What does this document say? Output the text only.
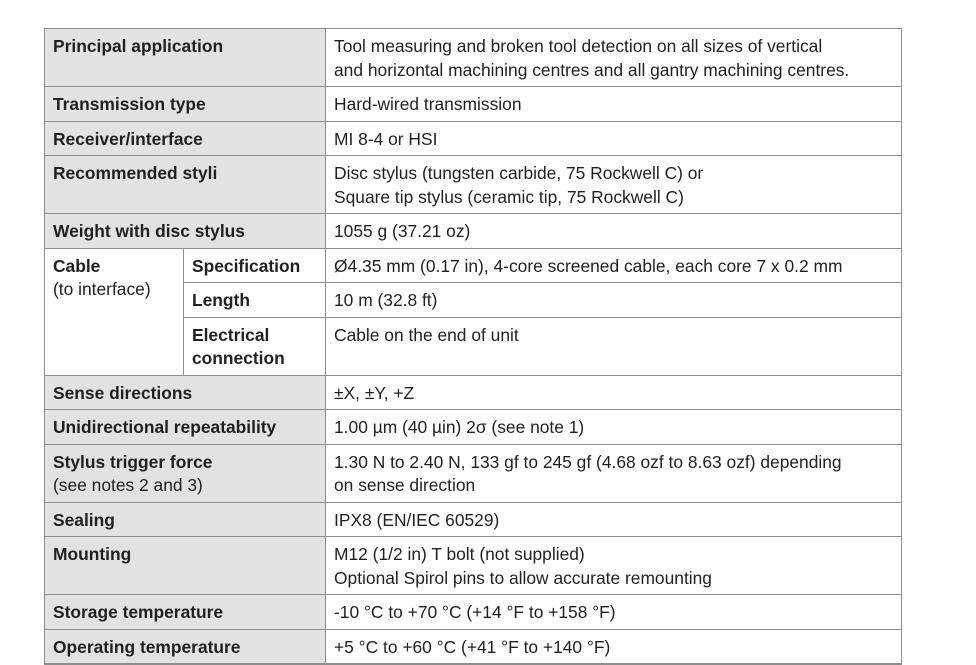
Principal application		Tool measuring and broken tool detection on all sizes of vertical
and horizontal machining centres and all gantry machining centres.

Transmission type		Hard-wired transmission
Receiver/interface		MI 8-4 or HSI
Recommended styli		Disc stylus (tungsten carbide, 75 Rockwell C) or
Square tip stylus (ceramic tip, 75 Rockwell C)

Weight with disc stylus		1055 g (37.21 oz)

Cable
(to interface)	Specification	Ø4.35 mm (0.17 in), 4-core screened cable, each core 7 x 0.2 mm
	Length	10 m (32.8 ft)

	Electrical
connection	Cable on the end of unit
Sense directions		±X, ±Y, +Z
Unidirectional repeatability		1.00 µm (40 µin) 2σ (see note 1)

Stylus trigger force
(see notes 2 and 3)		1.30 N to 2.40 N, 133 gf to 245 gf (4.68 ozf to 8.63 ozf) depending
on sense direction

Sealing		IPX8 (EN/IEC 60529)
Mounting		M12 (1/2 in) T bolt (not supplied)
Optional Spirol pins to allow accurate remounting

Storage temperature		-10 °C to +70 °C (+14 °F to +158 °F)
Operating temperature		+5 °C to +60 °C (+41 °F to +140 °F)
